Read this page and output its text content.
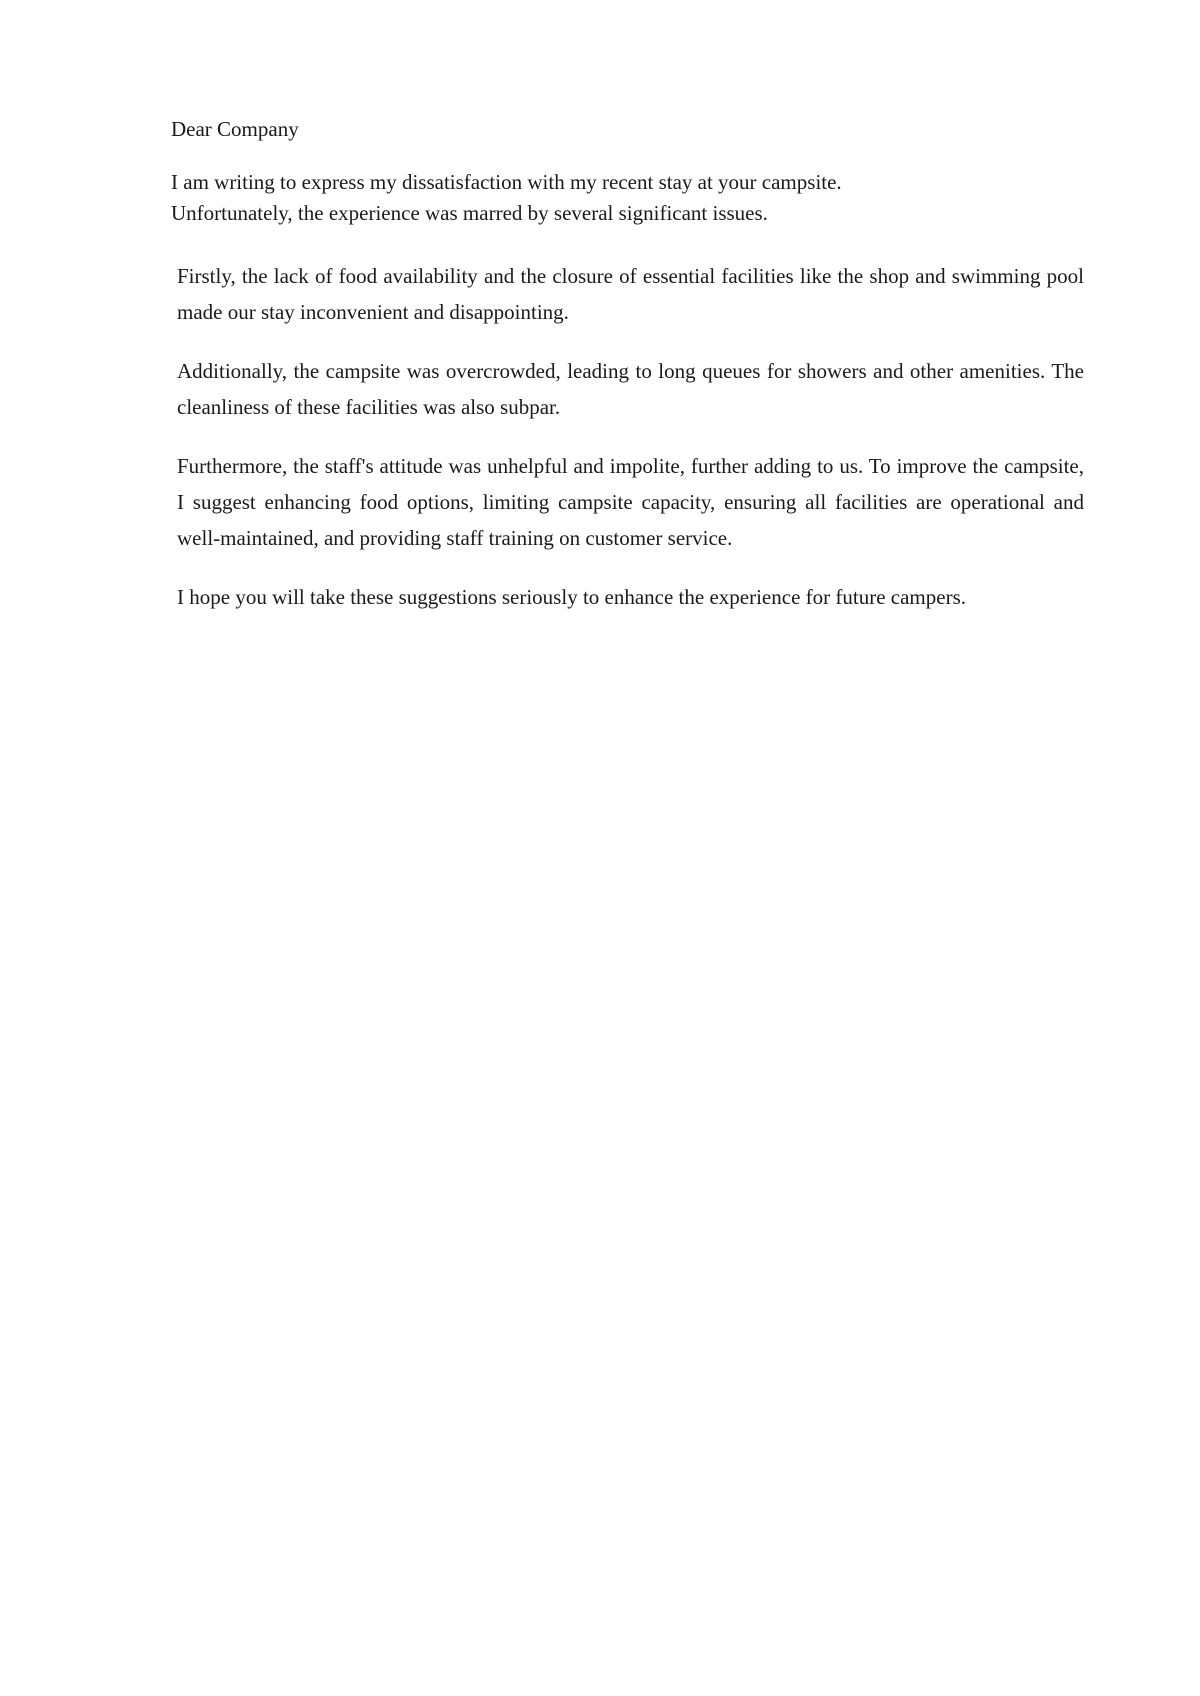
Dear Company

I am writing to express my dissatisfaction with my recent stay at your campsite.
Unfortunately, the experience was marred by several significant issues.

Firstly, the lack of food availability and the closure of essential facilities like the shop and swimming pool made our stay inconvenient and disappointing.

Additionally, the campsite was overcrowded, leading to long queues for showers and other amenities. The cleanliness of these facilities was also subpar.

Furthermore, the staff's attitude was unhelpful and impolite, further adding to us. To improve the campsite, I suggest enhancing food options, limiting campsite capacity, ensuring all facilities are operational and well-maintained, and providing staff training on customer service.

I hope you will take these suggestions seriously to enhance the experience for future campers.
